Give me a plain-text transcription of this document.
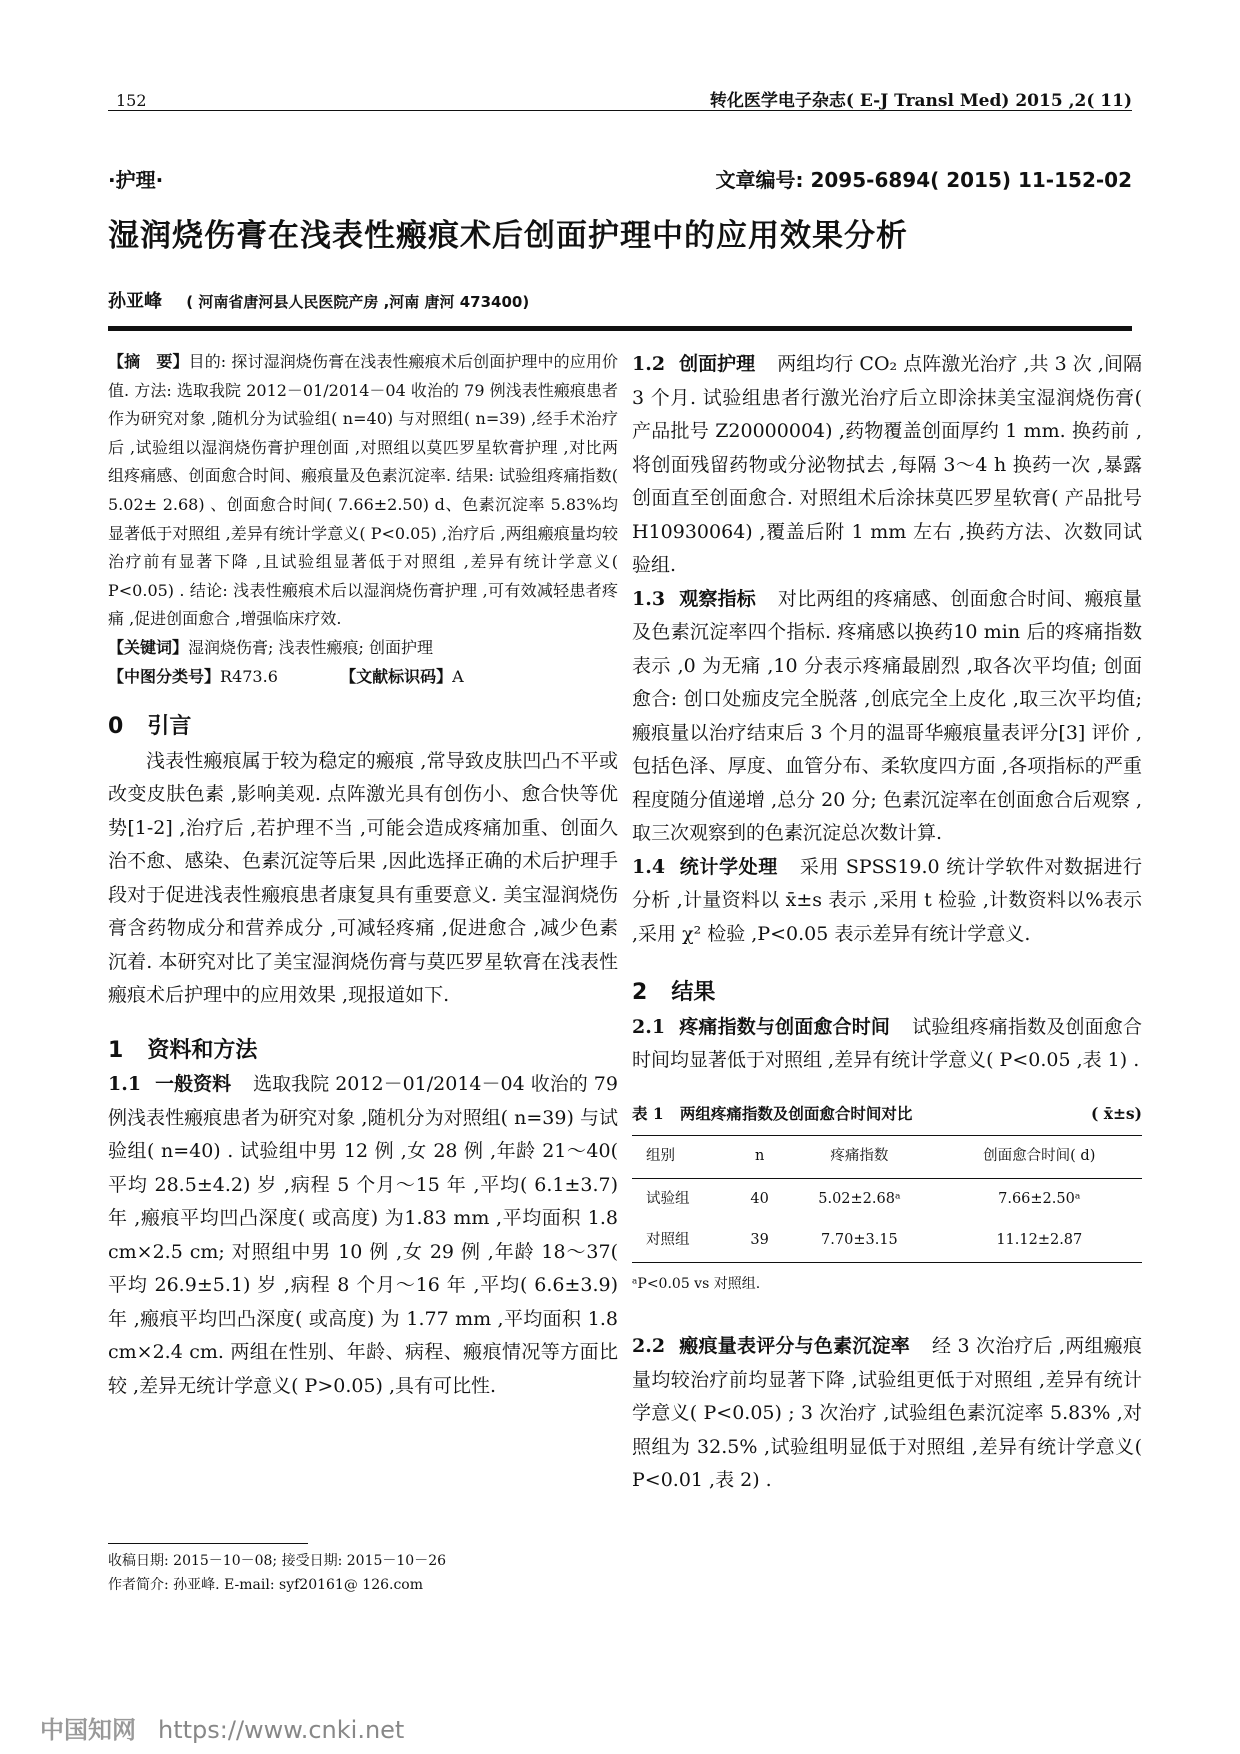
152	转化医学电子杂志( E-J Transl Med) 2015 ,2( 11)
·护理·	文章编号: 2095-6894( 2015) 11-152-02
湿润烧伤膏在浅表性瘢痕术后创面护理中的应用效果分析
孙亚峰 ( 河南省唐河县人民医院产房 ,河南 唐河 473400)
【摘　要】目的: 探讨湿润烧伤膏在浅表性瘢痕术后创面护理中的应用价值. 方法: 选取我院 2012－01/2014－04 收治的 79 例浅表性瘢痕患者作为研究对象 ,随机分为试验组( n=40) 与对照组( n=39) ,经手术治疗后 ,试验组以湿润烧伤膏护理创面 ,对照组以莫匹罗星软膏护理 ,对比两组疼痛感、创面愈合时间、瘢痕量及色素沉淀率. 结果: 试验组疼痛指数( 5.02± 2.68) 、创面愈合时间( 7.66±2.50) d、色素沉淀率 5.83%均显著低于对照组 ,差异有统计学意义( P<0.05) ,治疗后 ,两组瘢痕量均较治疗前有显著下降 ,且试验组显著低于对照组 ,差异有统计学意义( P<0.05) . 结论: 浅表性瘢痕术后以湿润烧伤膏护理 ,可有效减轻患者疼痛 ,促进创面愈合 ,增强临床疗效.
【关键词】湿润烧伤膏; 浅表性瘢痕; 创面护理
【中图分类号】R473.6	【文献标识码】A
0 引言
浅表性瘢痕属于较为稳定的瘢痕 ,常导致皮肤凹凸不平或改变皮肤色素 ,影响美观. 点阵激光具有创伤小、愈合快等优势[1-2] ,治疗后 ,若护理不当 ,可能会造成疼痛加重、创面久治不愈、感染、色素沉淀等后果 ,因此选择正确的术后护理手段对于促进浅表性瘢痕患者康复具有重要意义. 美宝湿润烧伤膏含药物成分和营养成分 ,可减轻疼痛 ,促进愈合 ,减少色素沉着. 本研究对比了美宝湿润烧伤膏与莫匹罗星软膏在浅表性瘢痕术后护理中的应用效果 ,现报道如下.
1 资料和方法
1.1 一般资料 选取我院 2012－01/2014－04 收治的 79 例浅表性瘢痕患者为研究对象 ,随机分为对照组( n=39) 与试验组( n=40) . 试验组中男 12 例 ,女 28 例 ,年龄 21～40( 平均 28.5±4.2) 岁 ,病程 5 个月～15 年 ,平均( 6.1±3.7) 年 ,瘢痕平均凹凸深度( 或高度) 为1.83 mm ,平均面积 1.8 cm×2.5 cm; 对照组中男 10 例 ,女 29 例 ,年龄 18～37( 平均 26.9±5.1) 岁 ,病程 8 个月～16 年 ,平均( 6.6±3.9) 年 ,瘢痕平均凹凸深度( 或高度) 为 1.77 mm ,平均面积 1.8 cm×2.4 cm. 两组在性别、年龄、病程、瘢痕情况等方面比较 ,差异无统计学意义( P>0.05) ,具有可比性.
1.2 创面护理 两组均行 CO₂ 点阵激光治疗 ,共 3 次 ,间隔 3 个月. 试验组患者行激光治疗后立即涂抹美宝湿润烧伤膏( 产品批号 Z20000004) ,药物覆盖创面厚约 1 mm. 换药前 ,将创面残留药物或分泌物拭去 ,每隔 3～4 h 换药一次 ,暴露创面直至创面愈合. 对照组术后涂抹莫匹罗星软膏( 产品批号 H10930064) ,覆盖后附 1 mm 左右 ,换药方法、次数同试验组.
1.3 观察指标 对比两组的疼痛感、创面愈合时间、瘢痕量及色素沉淀率四个指标. 疼痛感以换药10 min 后的疼痛指数表示 ,0 为无痛 ,10 分表示疼痛最剧烈 ,取各次平均值; 创面愈合: 创口处痂皮完全脱落 ,创底完全上皮化 ,取三次平均值; 瘢痕量以治疗结束后 3 个月的温哥华瘢痕量表评分[3] 评价 ,包括色泽、厚度、血管分布、柔软度四方面 ,各项指标的严重程度随分值递增 ,总分 20 分; 色素沉淀率在创面愈合后观察 ,取三次观察到的色素沉淀总次数计算.
1.4 统计学处理 采用 SPSS19.0 统计学软件对数据进行分析 ,计量资料以 x̄±s 表示 ,采用 t 检验 ,计数资料以%表示 ,采用 χ² 检验 ,P<0.05 表示差异有统计学意义.
2 结果
2.1 疼痛指数与创面愈合时间 试验组疼痛指数及创面愈合时间均显著低于对照组 ,差异有统计学意义( P<0.05 ,表 1) .
表 1 两组疼痛指数及创面愈合时间对比	( x̄±s)
组别	n	疼痛指数	创面愈合时间( d)
试验组	40	5.02±2.68ᵃ	7.66±2.50ᵃ
对照组	39	7.70±3.15	11.12±2.87
ᵃP<0.05 vs 对照组.
2.2 瘢痕量表评分与色素沉淀率 经 3 次治疗后 ,两组瘢痕量均较治疗前均显著下降 ,试验组更低于对照组 ,差异有统计学意义( P<0.05) ; 3 次治疗 ,试验组色素沉淀率 5.83% ,对照组为 32.5% ,试验组明显低于对照组 ,差异有统计学意义( P<0.01 ,表 2) .
收稿日期: 2015－10－08; 接受日期: 2015－10－26
作者简介: 孙亚峰. E-mail: syf20161@ 126.com
中国知网 https://www.cnki.net
